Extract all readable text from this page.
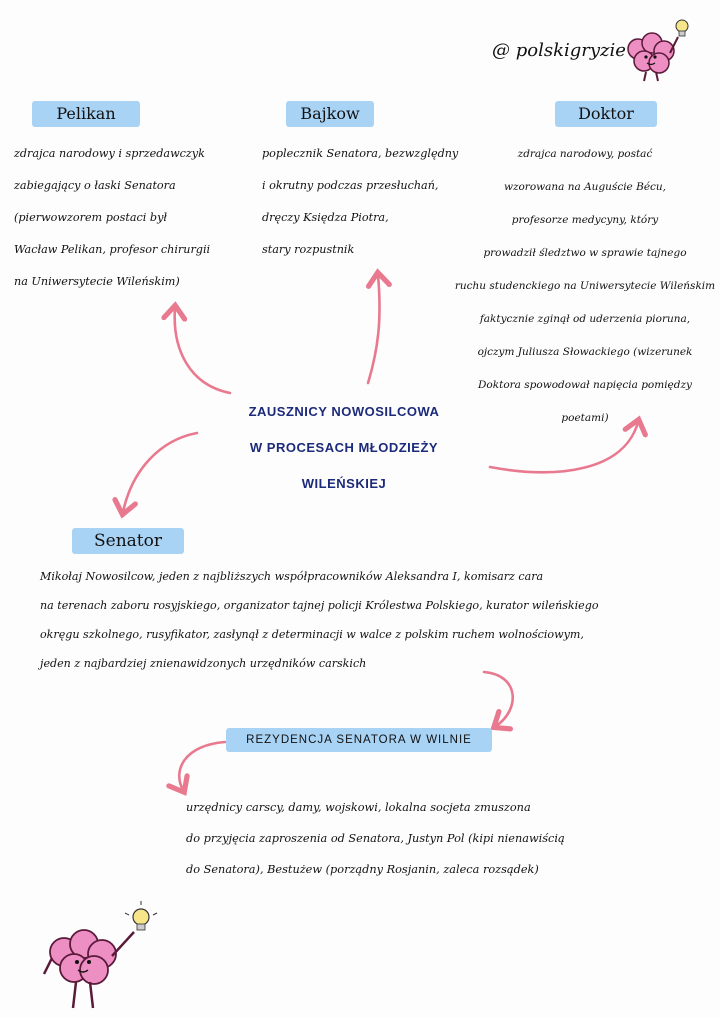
@ polskigryzie
Pelikan
zdrajca narodowy i sprzedawczyk
zabiegający o łaski Senatora
(pierwowzorem postaci był
Wacław Pelikan, profesor chirurgii
na Uniwersytecie Wileńskim)
Bajkow
poplecznik Senatora, bezwzględny
i okrutny podczas przesłuchań,
dręczy Księdza Piotra,
stary rozpustnik
Doktor
zdrajca narodowy, postać
wzorowana na Auguście Bécu,
profesorze medycyny, który
prowadził śledztwo w sprawie tajnego
ruchu studenckiego na Uniwersytecie Wileńskim
faktycznie zginął od uderzenia pioruna,
ojczym Juliusza Słowackiego (wizerunek
Doktora spowodował napięcia pomiędzy
poetami)
ZAUSZNICY NOWOSILCOWA
W PROCESACH MŁODZIEŻY
WILEŃSKIEJ
Senator
Mikołaj Nowosilcow, jeden z najbliższych współpracowników Aleksandra I, komisarz cara
na terenach zaboru rosyjskiego, organizator tajnej policji Królestwa Polskiego, kurator wileńskiego
okręgu szkolnego, rusyfikator, zasłynął z determinacji w walce z polskim ruchem wolnościowym,
jeden z najbardziej znienawidzonych urzędników carskich
REZYDENCJA SENATORA W WILNIE
urzędnicy carscy, damy, wojskowi, lokalna socjeta zmuszona
do przyjęcia zaproszenia od Senatora, Justyn Pol (kipi nienawiścią
do Senatora), Bestużew (porządny Rosjanin, zaleca rozsądek)
